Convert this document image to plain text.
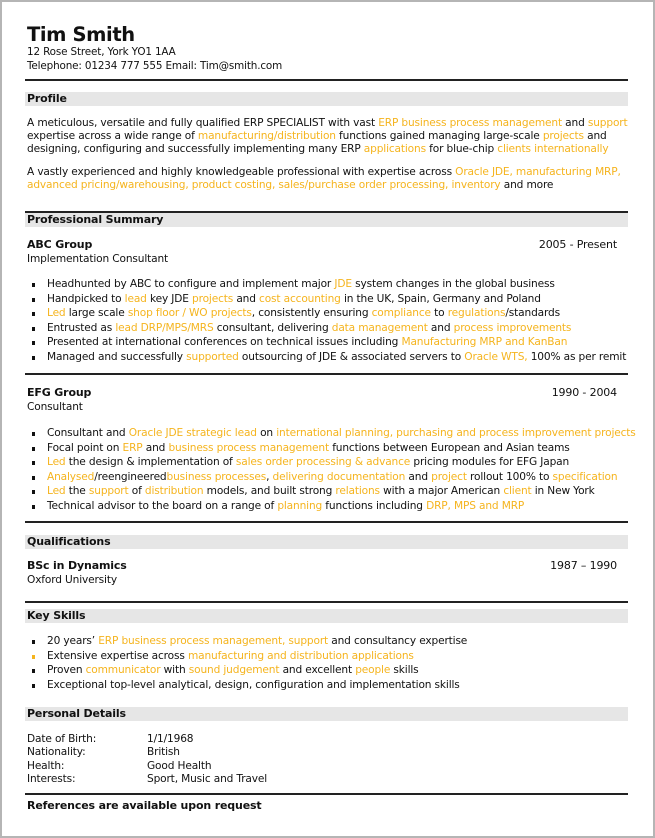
Tim Smith
12 Rose Street, York YO1 1AA
Telephone: 01234 777 555 Email: Tim@smith.com
Profile
A meticulous, versatile and fully qualified ERP SPECIALIST with vast ERP business process management and support
expertise across a wide range of manufacturing/distribution functions gained managing large-scale projects and
designing, configuring and successfully implementing many ERP applications for blue-chip clients internationally
A vastly experienced and highly knowledgeable professional with expertise across Oracle JDE, manufacturing MRP,
advanced pricing/warehousing, product costing, sales/purchase order processing, inventory and more
Professional Summary
ABC Group	2005 - Present
Implementation Consultant
Headhunted by ABC to configure and implement major JDE system changes in the global business
Handpicked to lead key JDE projects and cost accounting in the UK, Spain, Germany and Poland
Led large scale shop floor / WO projects, consistently ensuring compliance to regulations/standards
Entrusted as lead DRP/MPS/MRS consultant, delivering data management and process improvements
Presented at international conferences on technical issues including Manufacturing MRP and KanBan
Managed and successfully supported outsourcing of JDE & associated servers to Oracle WTS, 100% as per remit
EFG Group	1990 - 2004
Consultant
Consultant and Oracle JDE strategic lead on international planning, purchasing and process improvement projects
Focal point on ERP and business process management functions between European and Asian teams
Led the design & implementation of sales order processing & advance pricing modules for EFG Japan
Analysed/reengineeredbusiness processes, delivering documentation and project rollout 100% to specification
Led the support of distribution models, and built strong relations with a major American client in New York
Technical advisor to the board on a range of planning functions including DRP, MPS and MRP
Qualifications
BSc in Dynamics	1987 – 1990
Oxford University
Key Skills
20 years’ ERP business process management, support and consultancy expertise
Extensive expertise across manufacturing and distribution applications
Proven communicator with sound judgement and excellent people skills
Exceptional top-level analytical, design, configuration and implementation skills
Personal Details
Date of Birth:	1/1/1968
Nationality:	British
Health:	Good Health
Interests:	Sport, Music and Travel
References are available upon request
